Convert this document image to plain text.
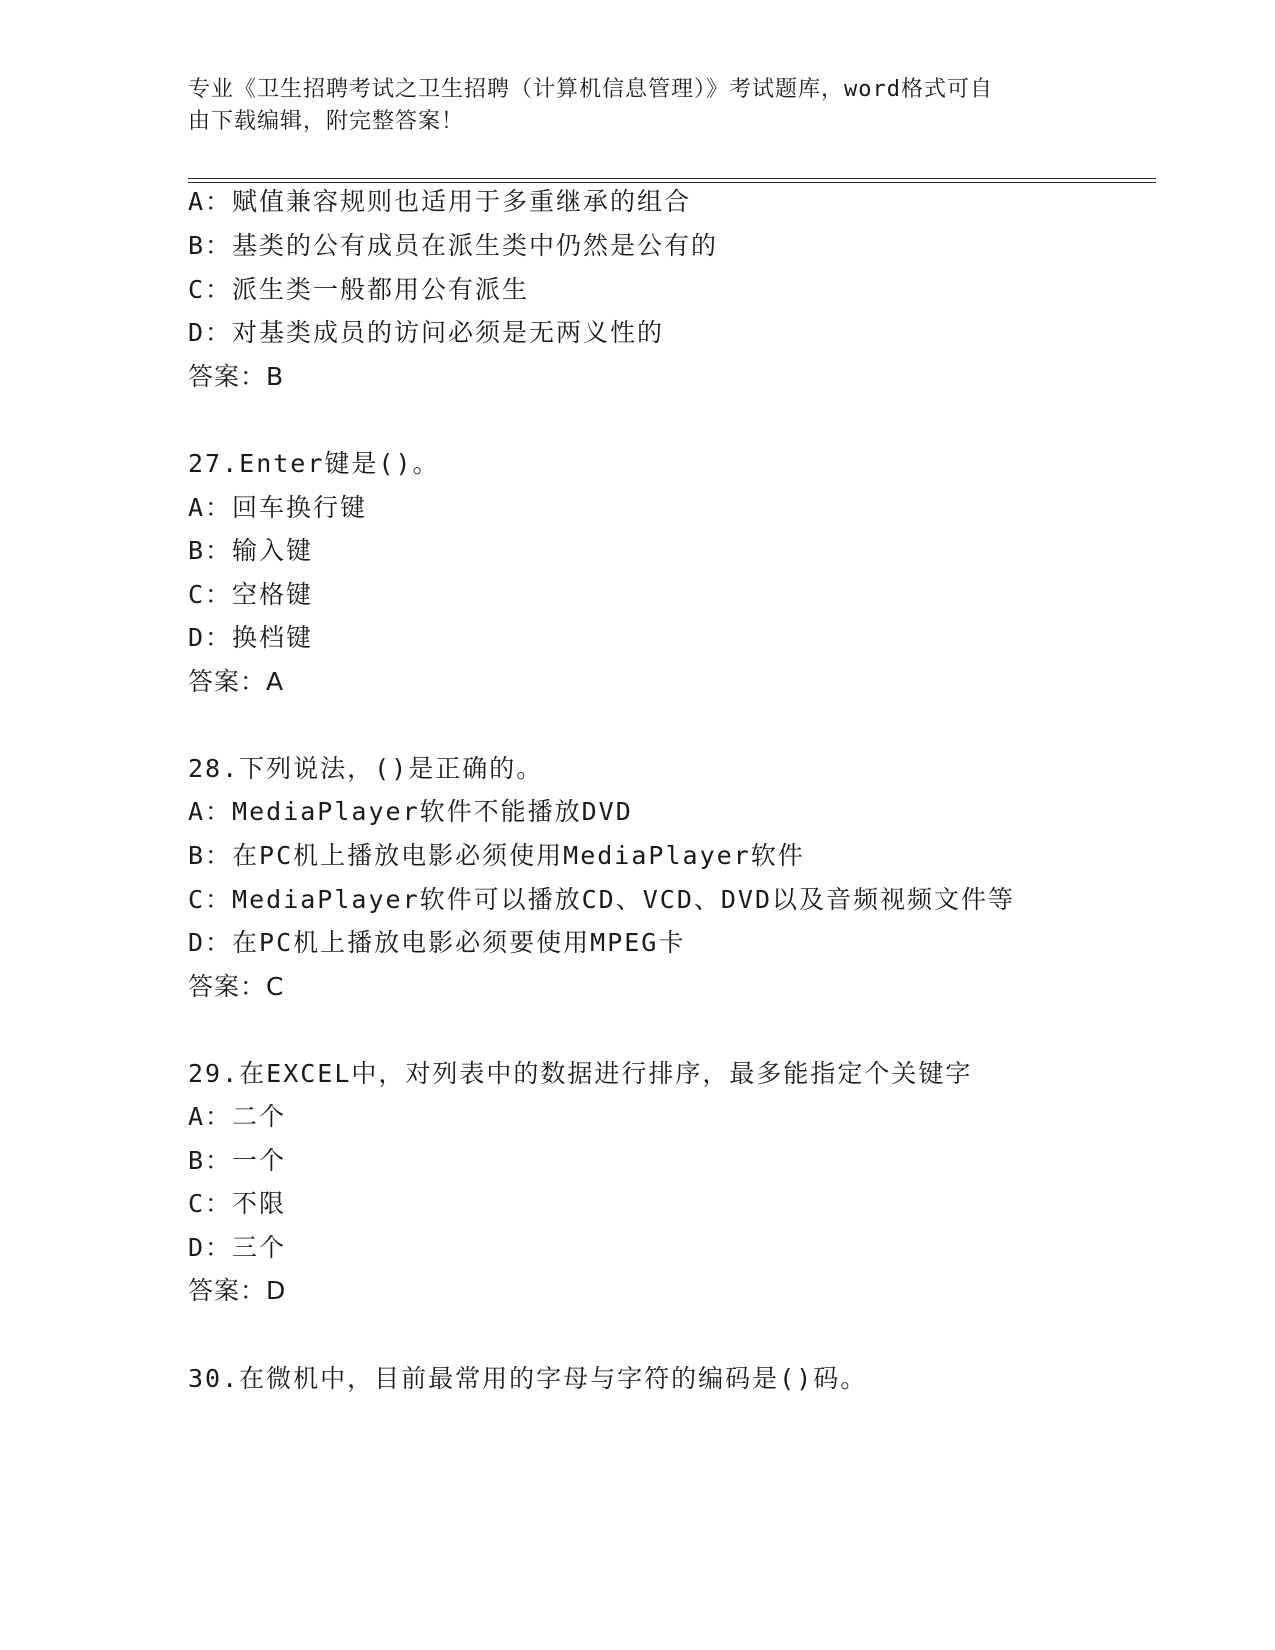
专业《卫生招聘考试之卫生招聘（计算机信息管理）》考试题库，word格式可自
由下载编辑，附完整答案！
A：赋值兼容规则也适用于多重继承的组合
B：基类的公有成员在派生类中仍然是公有的
C：派生类一般都用公有派生
D：对基类成员的访问必须是无两义性的
答案：B
27.Enter键是()。
A：回车换行键
B：输入键
C：空格键
D：换档键
答案：A
28.下列说法，()是正确的。
A：MediaPlayer软件不能播放DVD
B：在PC机上播放电影必须使用MediaPlayer软件
C：MediaPlayer软件可以播放CD、VCD、DVD以及音频视频文件等
D：在PC机上播放电影必须要使用MPEG卡
答案：C
29.在EXCEL中，对列表中的数据进行排序，最多能指定个关键字
A：二个
B：一个
C：不限
D：三个
答案：D
30.在微机中，目前最常用的字母与字符的编码是()码。
